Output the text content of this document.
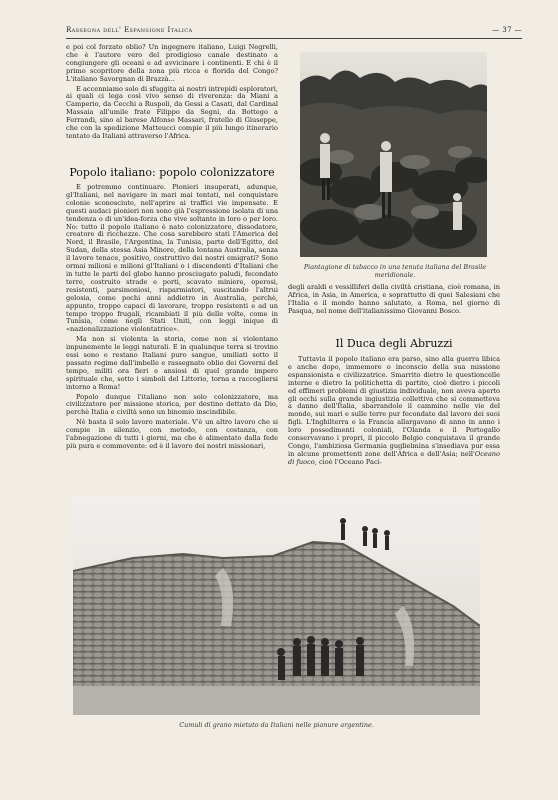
Rassegna dell' Espansione Italica	— 37 —

e poi col forzato oblio? Un ingegnere italiano, Luigi Negrelli, che è l'autore vero del prodigioso canale destinato a congiungere gli oceani e ad avvicinare i continenti. E chi è il primo scopritore della zona più ricca e florida del Congo? L'italiano Savorgnan di Brazzà...

E accenniamo solo di sfuggita ai nostri intrepidi esploratori, ai quali ci lega così vivo senso di riverenza: da Miani a Camperio, da Cecchi a Ruspoli, da Gessi a Casati, dal Cardinal Massaia all'umile frate Filippo da Segni, da Bottego a Ferrandi, sino al barese Alfonso Massari, fratello di Giuseppe, che con la spedizione Matteucci compie il più lungo itinerario tentato da Italiani attraverso l'Africa.

Popolo italiano: popolo colonizzatore

E potremmo continuare. Pionieri insuperati, adunque, gl'Italiani, nel navigare in mari mai tentati, nel conquistare colonie sconosciute, nell'aprire ai traffici vie impensate. E questi audaci pionieri non sono già l'espressione isolata di una tendenza o di un'idea-forza che vive soltanto in loro o per loro. No: tutto il popolo italiano è nato colonizzatore, dissodatore, creatore di ricchezze. Che cosa sarebbero stati l'America del Nord, il Brasile, l'Argentina, la Tunisia, parte dell'Egitto, del Sudan, della stessa Asia Minore, della lontana Australia, senza il lavoro tenace, positivo, costruttivo dei nostri emigrati? Sono ormai milioni e milioni gl'Italiani o i discendenti d'Italiani che in tutte le parti del globo hanno prosciugato paludi, fecondato terre, costruito strade e porti, scavato miniere, operosi, resistenti, parsimoniosi, risparmiatori, suscitando l'altrui gelosia, come pochi anni addietro in Australia, perchè, appunto, troppo capaci di lavorare, troppo resistenti e ad un tempo troppo frugali, ricambiati il più delle volte, come in Tunisia, come negli Stati Uniti, con leggi inique di «nazionalizzazione violentatrice».

Ma non si violenta la storia, come non si violentano impunemente le leggi naturali. E in qualunque terra si trovino essi sono e restano Italiani puro sangue, umiliati sotto il passato regime dall'imbelle e rassegnato oblio dei Governi del tempo, militi ora fieri e ansiosi di quel grande impero spirituale che, sotto i simboli del Littorio, torna a raccogliersi intorno a Roma!

Popolo dunque l'italiano non solo colonizzatore, ma civilizzatore per missione storica, per destino dettato da Dio, perchè Italia e civiltà sono un binomio inscindibile.

Nè basta il solo lavoro materiale. V'è un altro lavoro che si compie in silenzio, con metodo, con costanza, con l'abnegazione di tutti i giorni, ma che è alimentato dalla fede più pura e commovente: ed è il lavoro dei nostri missionari,

Piantagione di tabacco in una tenuta italiana del Brasile meridionale.

degli araldi e vessilliferi della civiltà cristiana, cioè romana, in Africa, in Asia, in America, e soprattutto di quei Salesiani che l'Italia e il mondo hanno salutato, a Roma, nel giorno di Pasqua, nel nome dell'italianissimo Giovanni Bosco.

Il Duca degli Abruzzi

Tuttavia il popolo italiano era parso, sino alla guerra libica e anche dopo, immemore o inconscio della sua missione espansionista e civilizzatrice. Smarrito dietro le questioncelle interne e dietro la politichetta di partito, cioè dietro i piccoli ed effimeri problemi di giustizia individuale, non aveva aperto gli occhi sulla grande ingiustizia collettiva che si commetteva a danno dell'Italia, sbarrandole il cammino nelle vie del mondo, sui mari e sulle terre pur fecondate dal lavoro dei suoi figli. L'Inghilterra e la Francia allargavano di anno in anno i loro possedimenti coloniali, l'Olanda e il Portogallo conservavano i propri, il piccolo Belgio conquistava il grande Congo, l'ambiziosa Germania guglielmina s'insediava pur essa in alcune promettenti zone dell'Africa e dell'Asia; nell'Oceano di fuoco, cioè l'Oceano Paci-

Cumuli di grano mietuto da Italiani nelle pianure argentine.
